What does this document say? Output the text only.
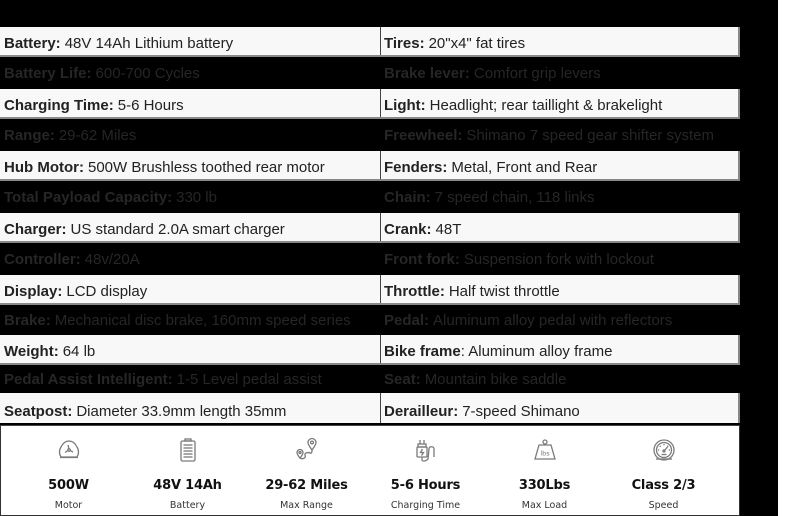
Battery: 48V 14Ah Lithium battery	Tires: 20"x4" fat tires
Battery Life: 600-700 Cycles	Brake lever: Comfort grip levers
Charging Time: 5-6 Hours	Light: Headlight; rear taillight & brakelight
Range: 29-62 Miles	Freewheel: Shimano 7 speed gear shifter system
Hub Motor: 500W Brushless toothed rear motor	Fenders: Metal, Front and Rear
Total Payload Capacity: 330 lb	Chain: 7 speed chain, 118 links
Charger: US standard 2.0A smart charger	Crank: 48T
Controller: 48v/20A	Front fork: Suspension fork with lockout
Display: LCD display	Throttle: Half twist throttle
Brake: Mechanical disc brake, 160mm speed series Pedal: Aluminum alloy pedal with reflectors
Weight: 64 lb	Bike frame : Aluminum alloy frame
Pedal Assist Intelligent: 1-5 Level pedal assist	Seat: Mountain bike saddle
Seatpost: Diameter 33.9mm length 35mm	Derailleur: 7-speed Shimano
500W
Motor
48V 14Ah
Battery
29-62 Miles
Max Range
5-6 Hours
Charging Time
lbs
330Lbs
Max Load
Class 2/3
Speed
